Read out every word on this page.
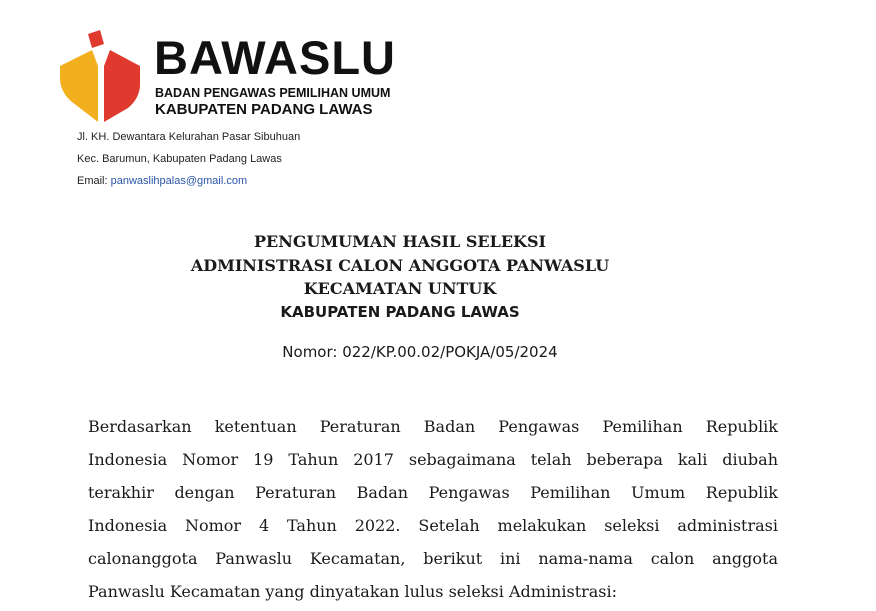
BAWASLU
BADAN PENGAWAS PEMILIHAN UMUM
KABUPATEN PADANG LAWAS
Jl. KH. Dewantara Kelurahan Pasar Sibuhuan
Kec. Barumun, Kabupaten Padang Lawas
Email: panwaslihpalas@gmail.com
PENGUMUMAN HASIL SELEKSI
ADMINISTRASI CALON ANGGOTA PANWASLU
KECAMATAN UNTUK
KABUPATEN PADANG LAWAS
Nomor: 022/KP.00.02/POKJA/05/2024

Berdasarkan ketentuan Peraturan Badan Pengawas Pemilihan Republik
Indonesia Nomor 19 Tahun 2017 sebagaimana telah beberapa kali diubah
terakhir dengan Peraturan Badan Pengawas Pemilihan Umum Republik
Indonesia Nomor 4 Tahun 2022. Setelah melakukan seleksi administrasi
calonanggota Panwaslu Kecamatan, berikut ini nama-nama calon anggota
Panwaslu Kecamatan yang dinyatakan lulus seleksi Administrasi:
